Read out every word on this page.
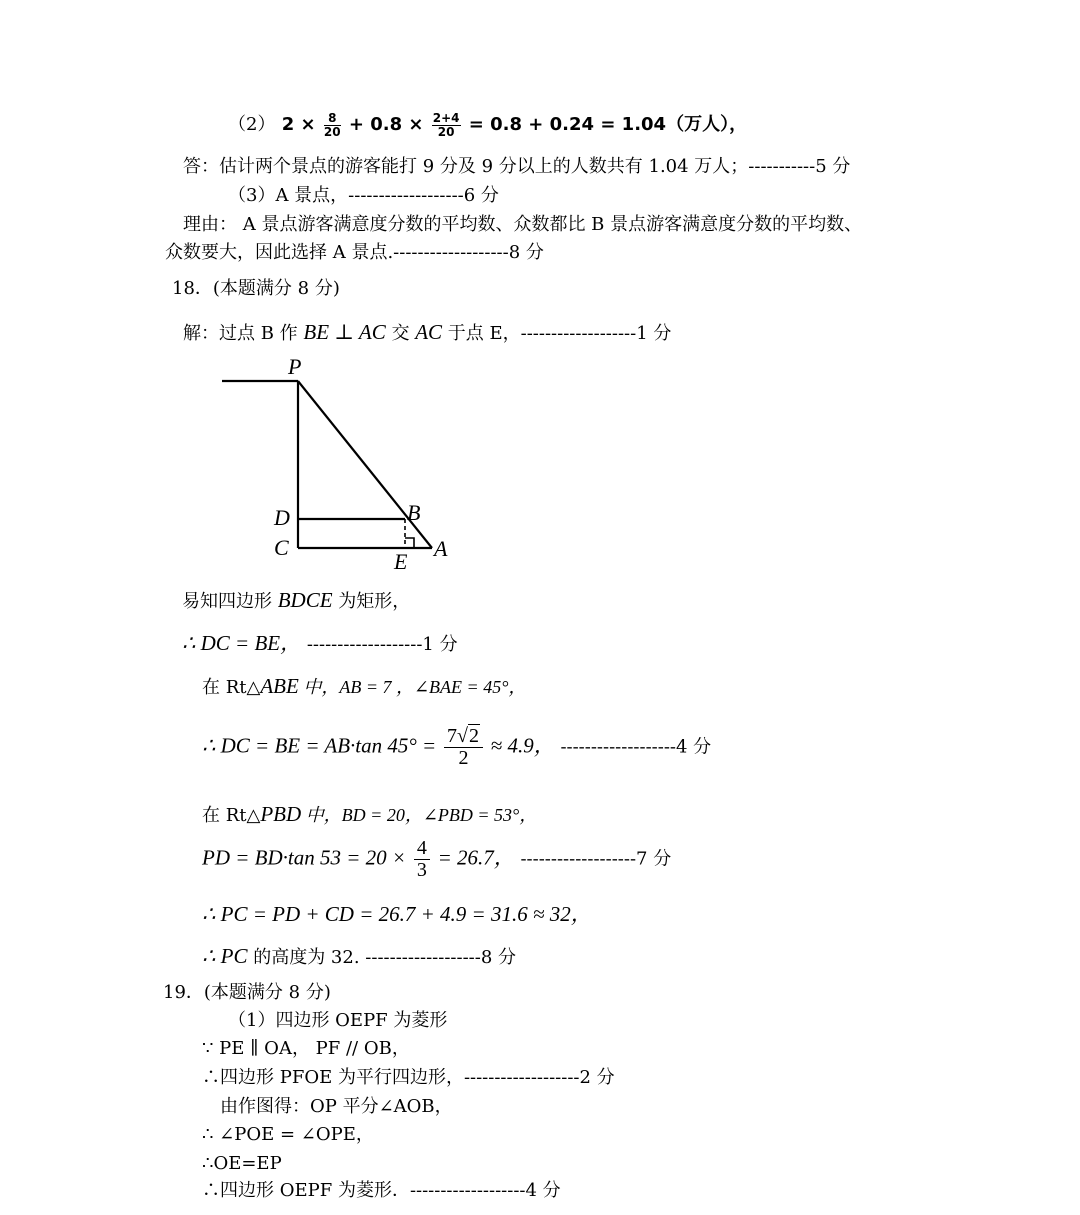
（2） $2 \times \frac{8}{20} + 0.8 \times \frac{2+4}{20} = 0.8 + 0.24 = 1.04$（万人），
答：估计两个景点的游客能打 9 分及 9 分以上的人数共有 1.04 万人；-----------5 分
（3）A 景点，-------------------6 分
理由： A 景点游客满意度分数的平均数、众数都比 B 景点游客满意度分数的平均数、
众数要大，因此选择 A 景点.-------------------8 分
18．(本题满分 8 分)
解：过点 B 作 BE ⊥ AC 交 AC 于点 E，-------------------1 分
P
D	B
C
E
A
易知四边形 BDCE 为矩形，
∴ DC = BE， -------------------1 分
在 Rt△ABE 中，AB = 7 ，∠BAE = 45°，
∴ DC = BE = AB·tan $45^\circ = \frac{7√2}{2} \approx 4.9$， -------------------4 分
在 Rt△PBD 中，BD = 20，∠PBD = 53°，
PD = BD·tan $53 = 20 \times \frac{4}{3} = 26.7$， -------------------7 分
∴ PC = PD + CD = 26.7 + 4.9 = 31.6 ≈ 32，
∴ PC 的高度为 32. -------------------8 分
19．(本题满分 8 分)
（1）四边形 OEPF 为菱形
∵ PE ∥ OA， PF // OB，
∴四边形 PFOE 为平行四边形，-------------------2 分
由作图得：OP 平分∠AOB，
∴ ∠POE = ∠OPE，
∴OE=EP
∴四边形 OEPF 为菱形．-------------------4 分
